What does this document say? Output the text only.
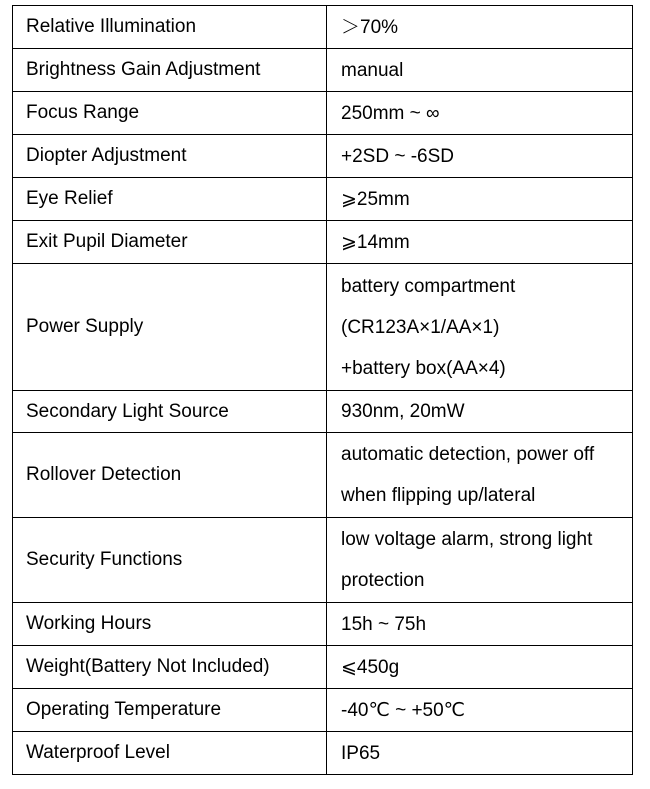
Relative Illumination	＞70%

Brightness Gain Adjustment	manual

Focus Range	250mm ~ ∞

Diopter Adjustment	+2SD ~ -6SD

Eye Relief	⩾25mm

Exit Pupil Diameter	⩾14mm

Power Supply	battery compartment
(CR123A×1/AA×1)
+battery box(AA×4)

Secondary Light Source	930nm, 20mW

Rollover Detection	automatic detection, power off
when flipping up/lateral

Security Functions	low voltage alarm, strong light
protection

Working Hours	15h ~ 75h

Weight(Battery Not Included)	⩽450g

Operating Temperature	-40℃ ~ +50℃

Waterproof Level	IP65
